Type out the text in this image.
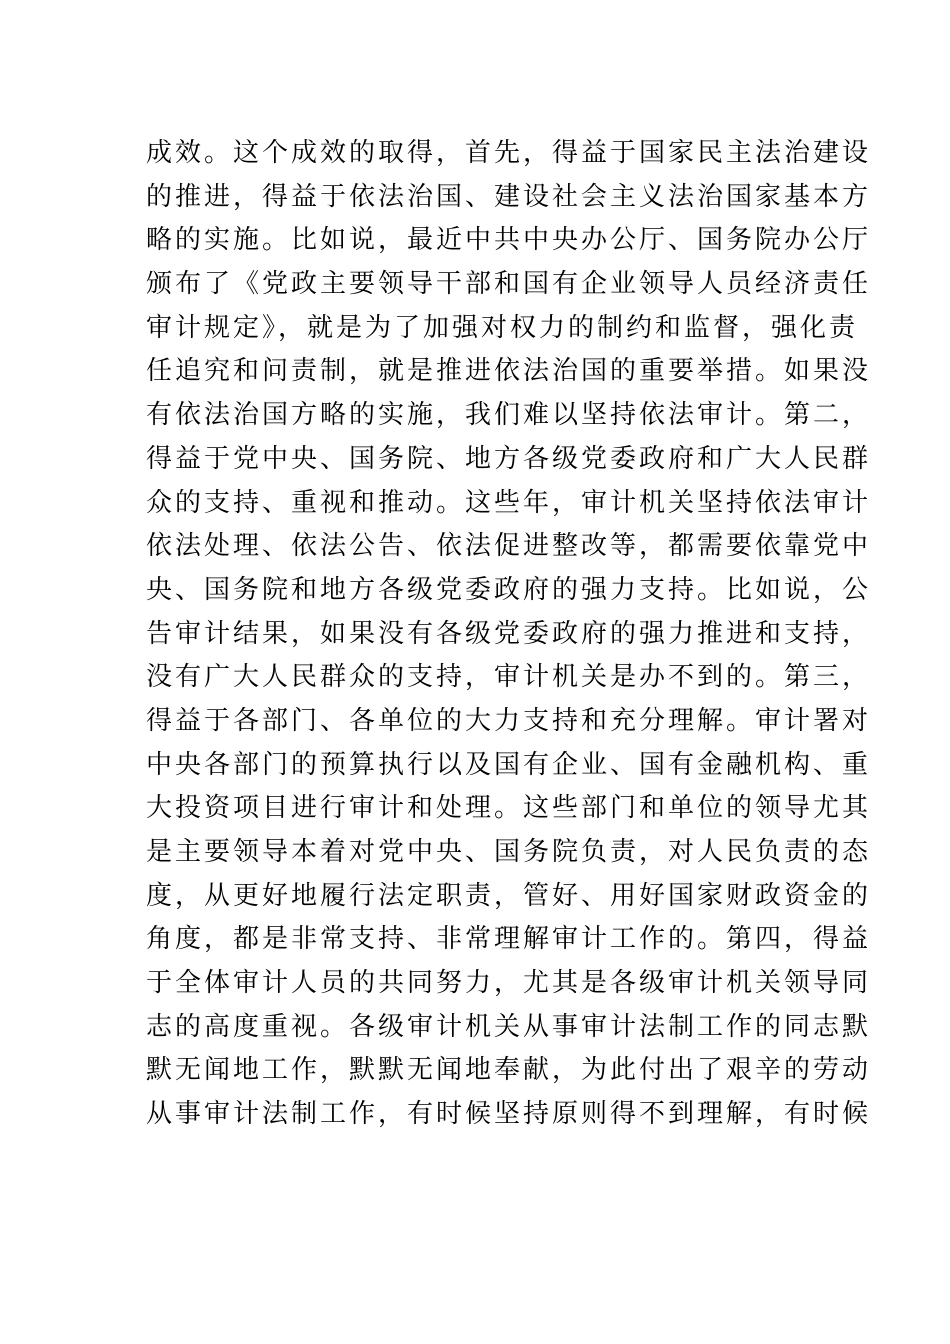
成效。这个成效的取得，首先，得益于国家民主法治建设
的推进，得益于依法治国、建设社会主义法治国家基本方
略的实施。比如说，最近中共中央办公厅、国务院办公厅
颁布了《党政主要领导干部和国有企业领导人员经济责任
审计规定》，就是为了加强对权力的制约和监督，强化责
任追究和问责制，就是推进依法治国的重要举措。如果没
有依法治国方略的实施，我们难以坚持依法审计。第二，
得益于党中央、国务院、地方各级党委政府和广大人民群
众的支持、重视和推动。这些年，审计机关坚持依法审计
依法处理、依法公告、依法促进整改等，都需要依靠党中
央、国务院和地方各级党委政府的强力支持。比如说，公
告审计结果，如果没有各级党委政府的强力推进和支持，
没有广大人民群众的支持，审计机关是办不到的。第三，
得益于各部门、各单位的大力支持和充分理解。审计署对
中央各部门的预算执行以及国有企业、国有金融机构、重
大投资项目进行审计和处理。这些部门和单位的领导尤其
是主要领导本着对党中央、国务院负责，对人民负责的态
度，从更好地履行法定职责，管好、用好国家财政资金的
角度，都是非常支持、非常理解审计工作的。第四，得益
于全体审计人员的共同努力，尤其是各级审计机关领导同
志的高度重视。各级审计机关从事审计法制工作的同志默
默无闻地工作，默默无闻地奉献，为此付出了艰辛的劳动
从事审计法制工作，有时候坚持原则得不到理解，有时候
